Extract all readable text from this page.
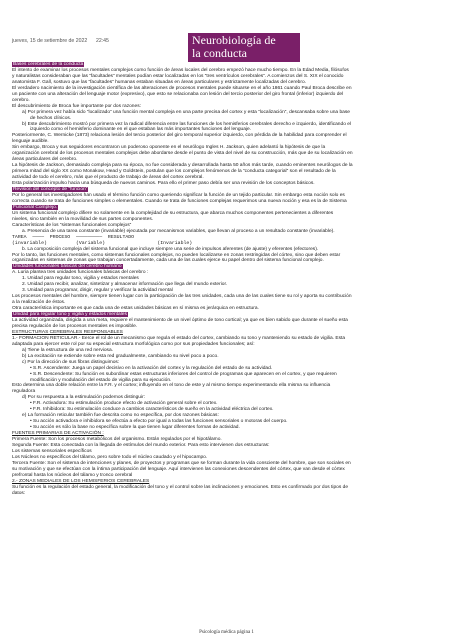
jueves, 15 de setiembre de 2022 22:45	Neurobiología de
la conducta

Bases cerebrales de la conducta

El intento de examinar los procesos mentales complejos como función de áreas locales del cerebro empezó hace mucho tiempo. En la Edad Media, filósofos

y naturalistas consideraban que las “facultades” mentales podían estar localizadas en los “tres ventrículos cerebrales”. A comienzos del S. XIX el conocido

anatomista F. Gall, sostuvo que las “facultades” humanas estaban situadas en áreas particulares y estrictamente localizadas del cerebro.

El verdadero nacimiento de la investigación científica de las alteraciones de procesos mentales puede situarse en el año 1861 cuando Paul Broca describe en

un paciente con una alteración del lenguaje motor (expresivo), que esto se relacionaba con lesión del tercio posterior del giro frontal (inferior) izquierdo del

cerebro.

El descubrimiento de Broca fue importante por dos razones:

a) Por primera vez había sido “localizado” una función mental compleja en una parte precisa del cortex y esta “localización”, descansaba sobre una base

de hechos clínicos.

b) Este descubrimiento mostró por primera vez la radical diferencia entre las funciones de los hemisferios cerebrales derecho e izquierdo, identificando el

izquierdo como el hemisferio dominante en el que estaban las más importantes funciones del lenguaje.

Posteriormente, C. Wernicke (1873) relaciona lesión del tercio posterior del giro temporal superior izquierdo, con pérdida de la habilidad para comprender el

lenguaje audible.

Sin embargo, Broca y sus seguidores encontraron un poderoso oponente en el neurólogo Ingles H. Jackson, quien adelantó la hipótesis de que la

organización cerebral de los procesos mentales complejos debe abordarse desde el punto de vista del nivel de su construcción, más que de su localización en

áreas particulares del cerebro.

La hipótesis de Jackson, demasiado compleja para su época, no fue considerada y desarrollada hasta 50 años más tarde, cuando eminentes neurólogos de la

primera mitad del siglo XX como Monakow, Head y Goldstein, postulan que los complejos fenómenos de la “conducta categorial” son el resultado de la

actividad de todo el cerebro, más que el producto de trabajo de áreas del cortex cerebral.

Esta polarización impulso hacia una búsqueda de nuevos caminos. Para ello el primer paso debía ser una revisión de los conceptos básicos.

Revisión del concepto de “función”

Por lo general los investigadores han usado el término función como queriendo significar la función de un tejido particular. Sin embargo esta noción solo es

correcta cuando se trata de funciones simples o elementales. Cuando se trata de funciones complejas requerimos una nueva noción y esa es la de Sistema

Funcional Complejo.

Un sistema funcional complejo difiere no solamente en la complejidad de su estructura, que abarca muchos componentes pertenecientes a diferentes

niveles, sino también en la movilidad de sus partes componentes.

Características de los “sistemas funcionales complejos”

a. Presencia de una tarea constante (invariable) ejecutada por mecanismos variables, que llevan al proceso a un resultado constante (invariable).

TAREA  ────  PROCESO  ─────────  RESULTADO

(invariable)          (Variable)                  (Invariable)

b. La composición compleja del sistema funcional que incluye siempre una serie de impulsos aferentes (de ajuste) y eferentes (efectores).

Por lo tanto, las funciones mentales, como sistemas funcionales complejos, no pueden localizarse en zonas restringidas del córtex, sino que deben estar

organizadas en sistemas de zonas que trabajan concertadamente, cada una de las cuales ejerce su papel dentro del sistema funcional complejo.

Unidades funcionales básicas del cerebro humano

A. Luria plantea tres unidades funcionales básicas del cerebro :

1. Unidad para regular tono, vigilia y estados mentales

2. Unidad para recibir, analizar, sintetizar y almacenar información que llega del mundo exterior.

3. Unidad para programar, dirigir, regular y verificar la actividad mental

Los procesos mentales del hombre, siempre tienen lugar con la participación de las tres unidades, cada una de las cuales tiene su rol y aporta su contribución

a la realización de éstos.

Otra característica importante es que cada una de estas unidades básicas en sí misma es jerárquica en estructura.

Unidad para regular tono y vigilia y estados mentales

La actividad organizada, dirigida a una meta, requiere el mantenimiento de un nivel óptimo de tono cortical; ya que es bien sabido que durante el sueño esta

precisa regulación de los procesos mentales es imposible.

ESTRUCTURAS CEREBRALES RESPONSABLES

1.- FORMACION RETICULAR.- Eerce el rol de un mecanismo que regula el estado del cortex, cambiando su tono y manteniendo su estado de vigilia. Esta

adaptada para ejercer este rol por su especial estructura morfológica como por sus propiedades funcionales; así:

a) Tiene la estructura de una red nerviosa.

b) La excitación se extiende sobre esta red gradualmente, cambiando su nivel poco a poco.

c) Por la dirección de sus fibras distinguimos:

• S.R. Ascendente: Juega un papel decisivo en la activación del cortex y la regulación del estado de su actividad.

• S.R. Descendente: Su función es subordinar estas estructuras inferiores del control de programas que aparecen en el cortex, y que requieren

modificación y modulación del estado de vigilia para su ejecución.

Esto determina una doble relación entre la F.R. y el cortex; influyendo en el tono de este y al mismo tiempo experimentando ella misma su influencia

reguladora

d) Por su respuesta a la estimulación podemos distinguir:

• F.R. Activadora: Su estimulación produce efecto de activación general sobre el cortex.

• F.R. Inhibidora: Su estimulación conduce a cambios característicos de sueño en la actividad eléctrica del cortex.

e) La formación reticular también fue descrita como no específica, por dos razones básicas:

• Su acción activadora e inhibidora se efectúa a efecto por igual a todas las funciones sensoriales o motoras del cuerpo.

• Su acción es sólo la base no específica sobre la que tienen lugar diferentes formas de actividad.

FUENTES PRIMARIAS DE ACTIVACIÓN :

Primera Fuente: Son los procesos metabólicos del organismo. Están regulados por el hipotálamo.

Segunda Fuente: Esta conectada con la llegada de estímulos del mundo exterior. Para esto intervienen dos estructuras:

Los sistemas sensoriales específicos

Los Núcleos no específicos del tálamo, pero sobre todo el núcleo caudado y el hipocampo.

Tercera Fuente: Son el sistema de intenciones y planes, de proyectos y programas que se forman durante la vida consciente del hombre, que son sociales en

su motivación y que se efectúan con la íntima participación del lenguaje. Aquí intervienen las conexiones descendentes del córtex, que van desde el córtex

prefrontal hasta los núcleos del tálamo y tronco cerebral

2.- ZONAS MEDIALES DE LOS HEMISFERIOS CEREBRALES

Su función es la regulación del estado general, la modificación del tono y el control sobre las inclinaciones y emociones. Esto es confirmado por dos tipos de

datos:

Psicología médica página 1
